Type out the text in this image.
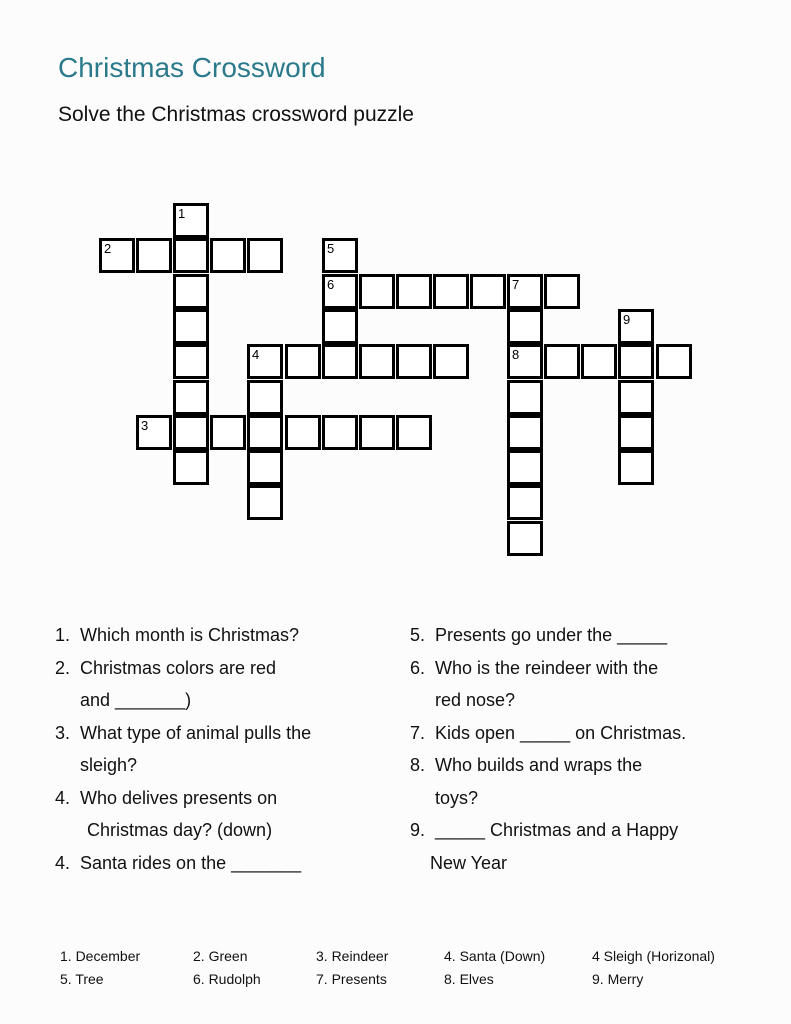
Christmas Crossword
Solve the Christmas crossword puzzle
1
2
3
4
5
6	7
8
9
1. Which month is Christmas?
2. Christmas colors are red
and _______)
3. What type of animal pulls the
sleigh?
4. Who delives presents on
Christmas day? (down)
4. Santa rides on the _______
5. Presents go under the _____
6. Who is the reindeer with the
red nose?
7. Kids open _____ on Christmas.
8. Who builds and wraps the
toys?
9. _____ Christmas and a Happy
New Year
1. December	2. Green	3. Reindeer	4. Santa (Down)	4 Sleigh (Horizonal)
5. Tree	6. Rudolph	7. Presents	8. Elves	9. Merry
